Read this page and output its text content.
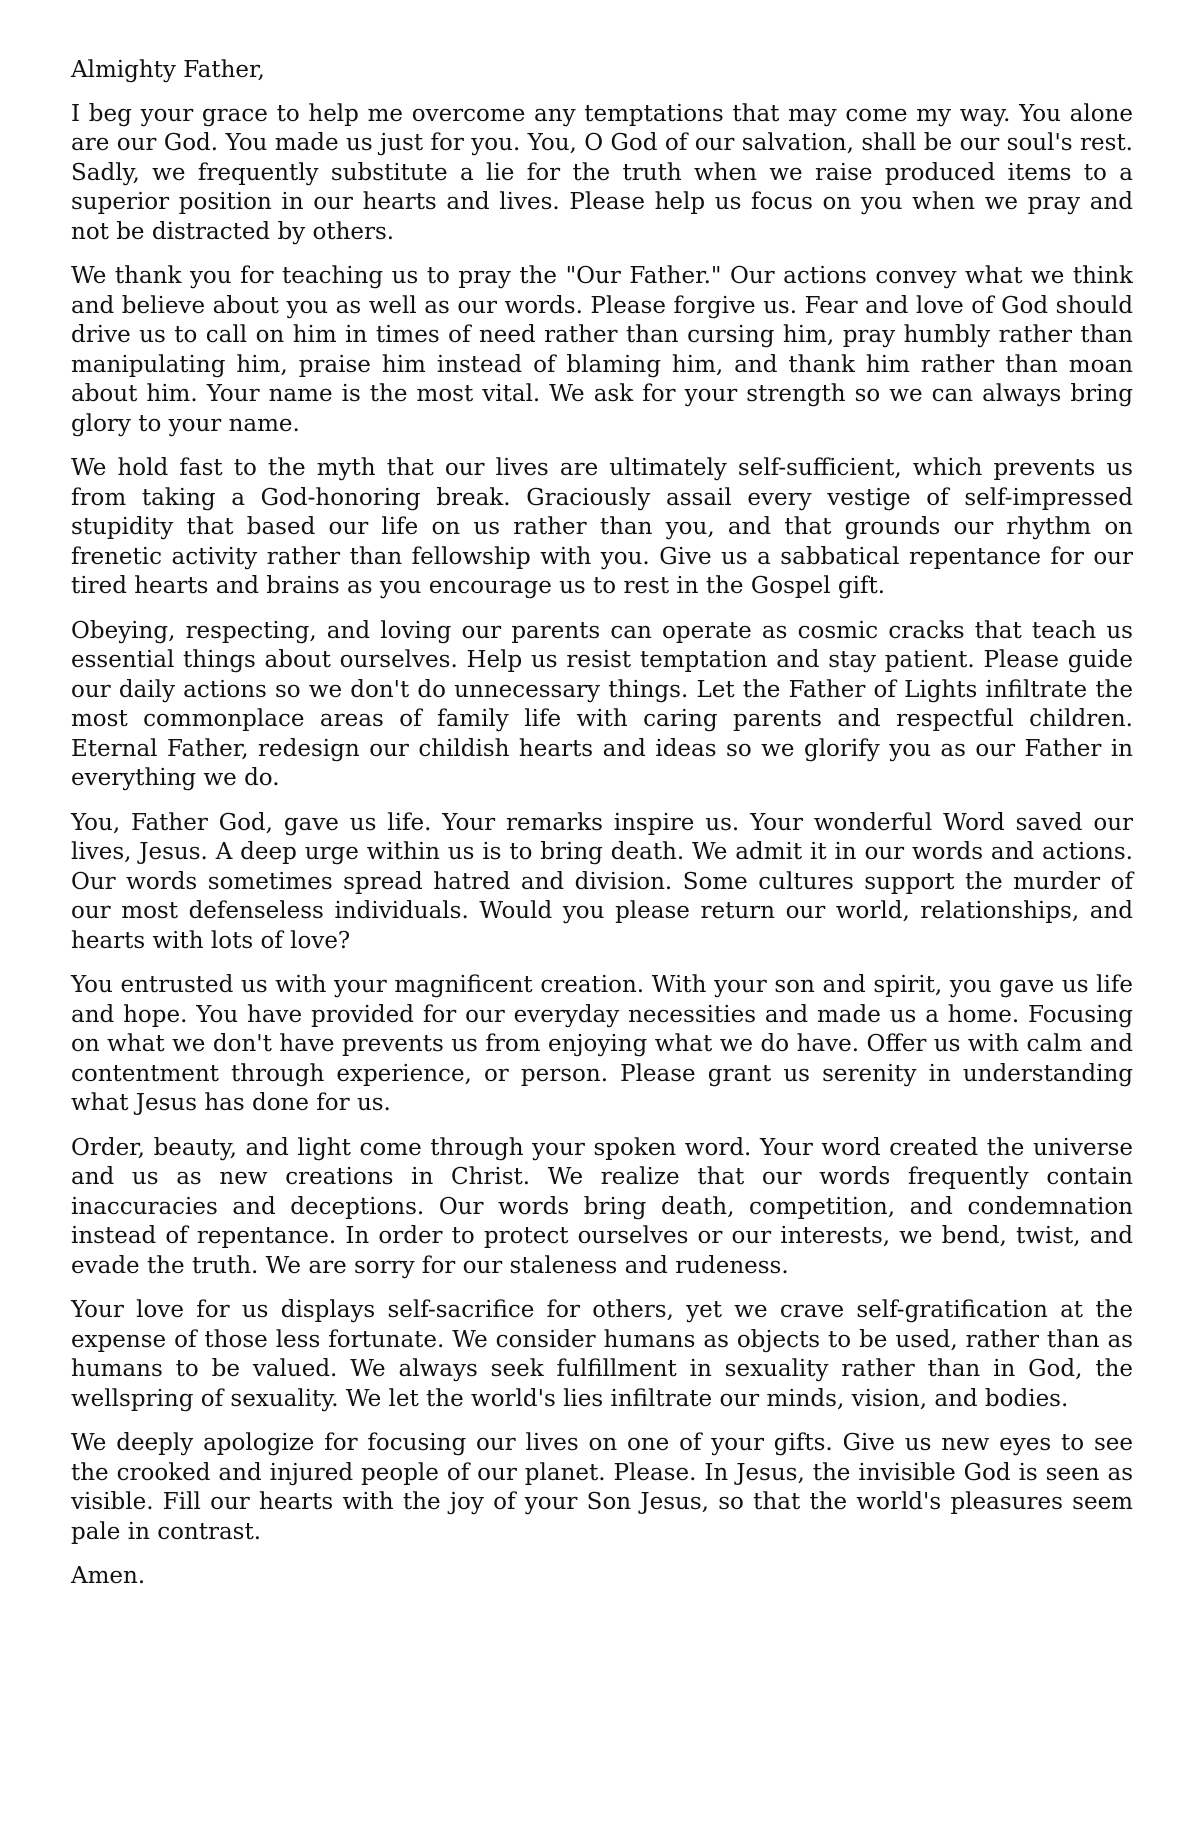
Almighty Father,

I beg your grace to help me overcome any temptations that may come my way. You alone are our God. You made us just for you. You, O God of our salvation, shall be our soul's rest. Sadly, we frequently substitute a lie for the truth when we raise produced items to a superior position in our hearts and lives. Please help us focus on you when we pray and not be distracted by others.

We thank you for teaching us to pray the "Our Father." Our actions convey what we think and believe about you as well as our words. Please forgive us. Fear and love of God should drive us to call on him in times of need rather than cursing him, pray humbly rather than manipulating him, praise him instead of blaming him, and thank him rather than moan about him. Your name is the most vital. We ask for your strength so we can always bring glory to your name.

We hold fast to the myth that our lives are ultimately self-sufficient, which prevents us from taking a God-honoring break. Graciously assail every vestige of self-impressed stupidity that based our life on us rather than you, and that grounds our rhythm on frenetic activity rather than fellowship with you. Give us a sabbatical repentance for our tired hearts and brains as you encourage us to rest in the Gospel gift.

Obeying, respecting, and loving our parents can operate as cosmic cracks that teach us essential things about ourselves. Help us resist temptation and stay patient. Please guide our daily actions so we don't do unnecessary things. Let the Father of Lights infiltrate the most commonplace areas of family life with caring parents and respectful children. Eternal Father, redesign our childish hearts and ideas so we glorify you as our Father in everything we do.

You, Father God, gave us life. Your remarks inspire us. Your wonderful Word saved our lives, Jesus. A deep urge within us is to bring death. We admit it in our words and actions. Our words sometimes spread hatred and division. Some cultures support the murder of our most defenseless individuals. Would you please return our world, relationships, and hearts with lots of love?

You entrusted us with your magnificent creation. With your son and spirit, you gave us life and hope. You have provided for our everyday necessities and made us a home. Focusing on what we don't have prevents us from enjoying what we do have. Offer us with calm and contentment through experience, or person. Please grant us serenity in understanding what Jesus has done for us.

Order, beauty, and light come through your spoken word. Your word created the universe and us as new creations in Christ. We realize that our words frequently contain inaccuracies and deceptions. Our words bring death, competition, and condemnation instead of repentance. In order to protect ourselves or our interests, we bend, twist, and evade the truth. We are sorry for our staleness and rudeness.

Your love for us displays self-sacrifice for others, yet we crave self-gratification at the expense of those less fortunate. We consider humans as objects to be used, rather than as humans to be valued. We always seek fulfillment in sexuality rather than in God, the wellspring of sexuality. We let the world's lies infiltrate our minds, vision, and bodies.

We deeply apologize for focusing our lives on one of your gifts. Give us new eyes to see the crooked and injured people of our planet. Please. In Jesus, the invisible God is seen as visible. Fill our hearts with the joy of your Son Jesus, so that the world's pleasures seem pale in contrast.

Amen.
